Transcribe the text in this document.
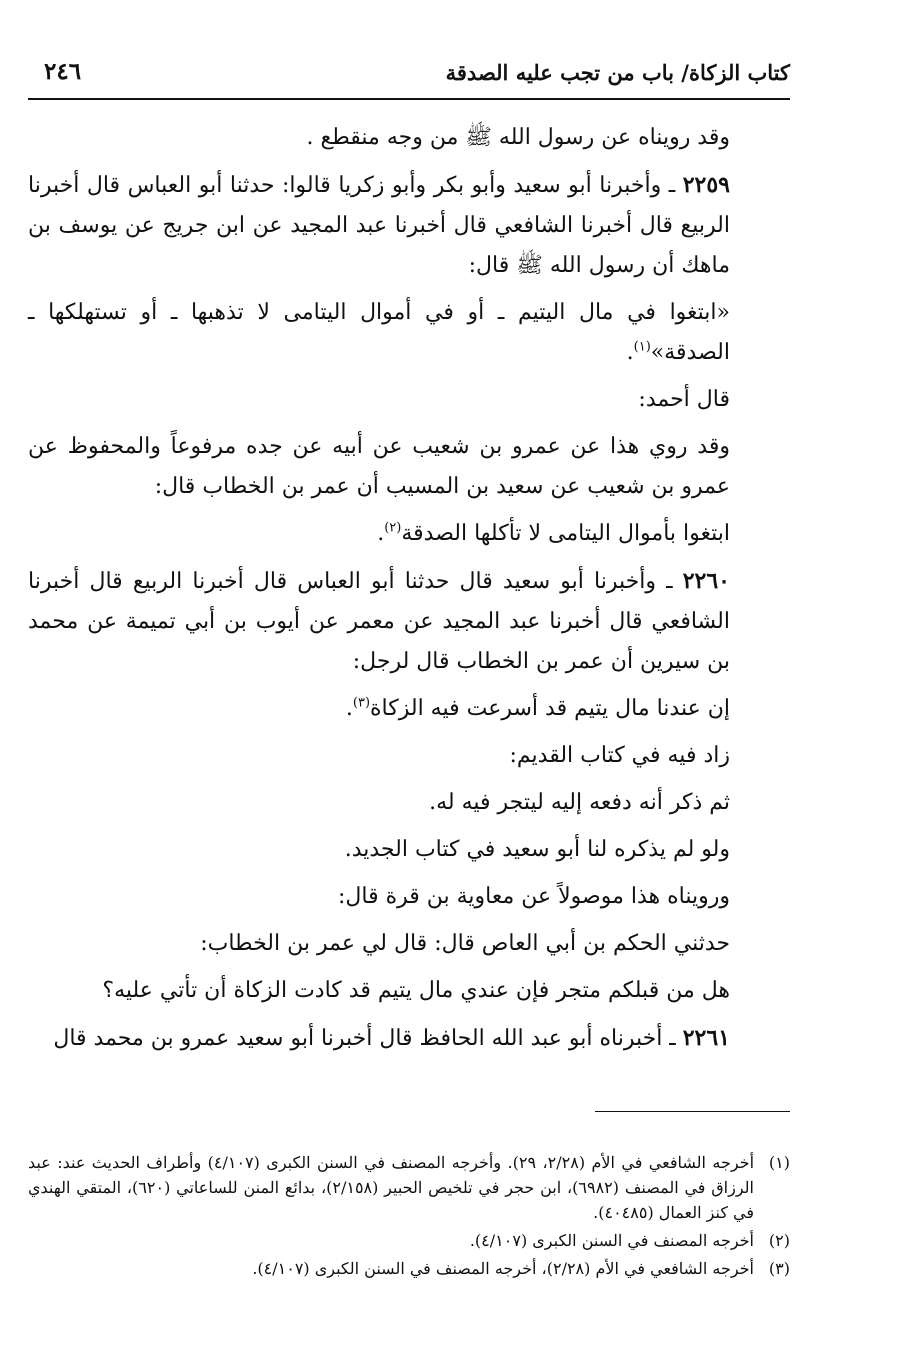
كتاب الزكاة/ باب من تجب عليه الصدقة
٢٤٦
وقد رويناه عن رسول الله ﷺ من وجه منقطع .
٢٢٥٩ ـ وأخبرنا أبو سعيد وأبو بكر وأبو زكريا قالوا: حدثنا أبو العباس قال أخبرنا الربيع قال أخبرنا الشافعي قال أخبرنا عبد المجيد عن ابن جريج عن يوسف بن ماهك أن رسول الله ﷺ قال:
«ابتغوا في مال اليتيم ـ أو في أموال اليتامى لا تذهبها ـ أو تستهلكها ـ الصدقة»$^{(١)}$.
قال أحمد:
وقد روي هذا عن عمرو بن شعيب عن أبيه عن جده مرفوعاً والمحفوظ عن عمرو بن شعيب عن سعيد بن المسيب أن عمر بن الخطاب قال:
ابتغوا بأموال اليتامى لا تأكلها الصدقة$^{(٢)}$.
٢٢٦٠ ـ وأخبرنا أبو سعيد قال حدثنا أبو العباس قال أخبرنا الربيع قال أخبرنا الشافعي قال أخبرنا عبد المجيد عن معمر عن أيوب بن أبي تميمة عن محمد بن سيرين أن عمر بن الخطاب قال لرجل:
إن عندنا مال يتيم قد أسرعت فيه الزكاة$^{(٣)}$.
زاد فيه في كتاب القديم:
ثم ذكر أنه دفعه إليه ليتجر فيه له.
ولو لم يذكره لنا أبو سعيد في كتاب الجديد.
ورويناه هذا موصولاً عن معاوية بن قرة قال:
حدثني الحكم بن أبي العاص قال: قال لي عمر بن الخطاب:
هل من قبلكم متجر فإن عندي مال يتيم قد كادت الزكاة أن تأتي عليه؟
٢٢٦١ ـ أخبرناه أبو عبد الله الحافظ قال أخبرنا أبو سعيد عمرو بن محمد قال
(١)
أخرجه الشافعي في الأم (٢/٢٨، ٢٩). وأخرجه المصنف في السنن الكبرى (٤/١٠٧) وأطراف الحديث عند: عبد الرزاق في المصنف (٦٩٨٢)، ابن حجر في تلخيص الحبير (٢/١٥٨)، بدائع المنن للساعاتي (٦٢٠)، المتقي الهندي في كنز العمال (٤٠٤٨٥).
(٢)
أخرجه المصنف في السنن الكبرى (٤/١٠٧).
(٣)
أخرجه الشافعي في الأم (٢/٢٨)، أخرجه المصنف في السنن الكبرى (٤/١٠٧).
